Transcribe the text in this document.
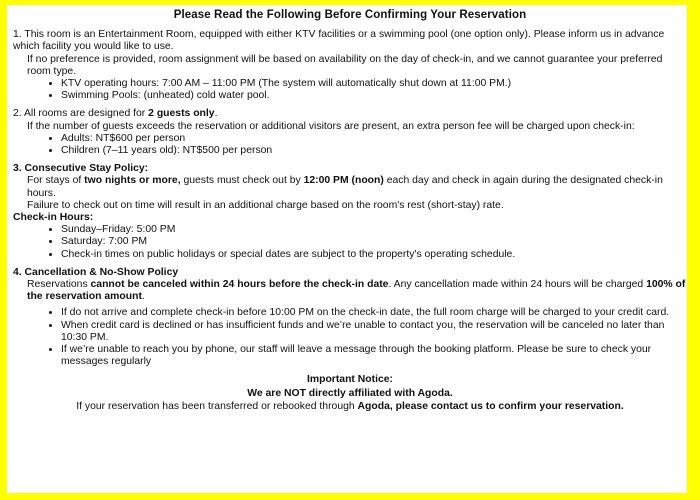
Please Read the Following Before Confirming Your Reservation
1. This room is an Entertainment Room, equipped with either KTV facilities or a swimming pool (one option only). Please inform us in advance which facility you would like to use.
If no preference is provided, room assignment will be based on availability on the day of check-in, and we cannot guarantee your preferred room type.
• KTV operating hours: 7:00 AM – 11:00 PM (The system will automatically shut down at 11:00 PM.)
• Swimming Pools: (unheated) cold water pool.
2. All rooms are designed for 2 guests only.
If the number of guests exceeds the reservation or additional visitors are present, an extra person fee will be charged upon check-in:
• Adults: NT$600 per person
• Children (7–11 years old): NT$500 per person
3. Consecutive Stay Policy:
For stays of two nights or more, guests must check out by 12:00 PM (noon) each day and check in again during the designated check-in hours.
Failure to check out on time will result in an additional charge based on the room's rest (short-stay) rate.
Check-in Hours:
• Sunday–Friday: 5:00 PM
• Saturday: 7:00 PM
• Check-in times on public holidays or special dates are subject to the property's operating schedule.
4. Cancellation & No-Show Policy
Reservations cannot be canceled within 24 hours before the check-in date. Any cancellation made within 24 hours will be charged 100% of the reservation amount.
• If do not arrive and complete check-in before 10:00 PM on the check-in date, the full room charge will be charged to your credit card.
• When credit card is declined or has insufficient funds and we’re unable to contact you, the reservation will be canceled no later than 10:30 PM.
• If we’re unable to reach you by phone, our staff will leave a message through the booking platform. Please be sure to check your messages regularly
Important Notice:
We are NOT directly affiliated with Agoda.
If your reservation has been transferred or rebooked through Agoda, please contact us to confirm your reservation.
